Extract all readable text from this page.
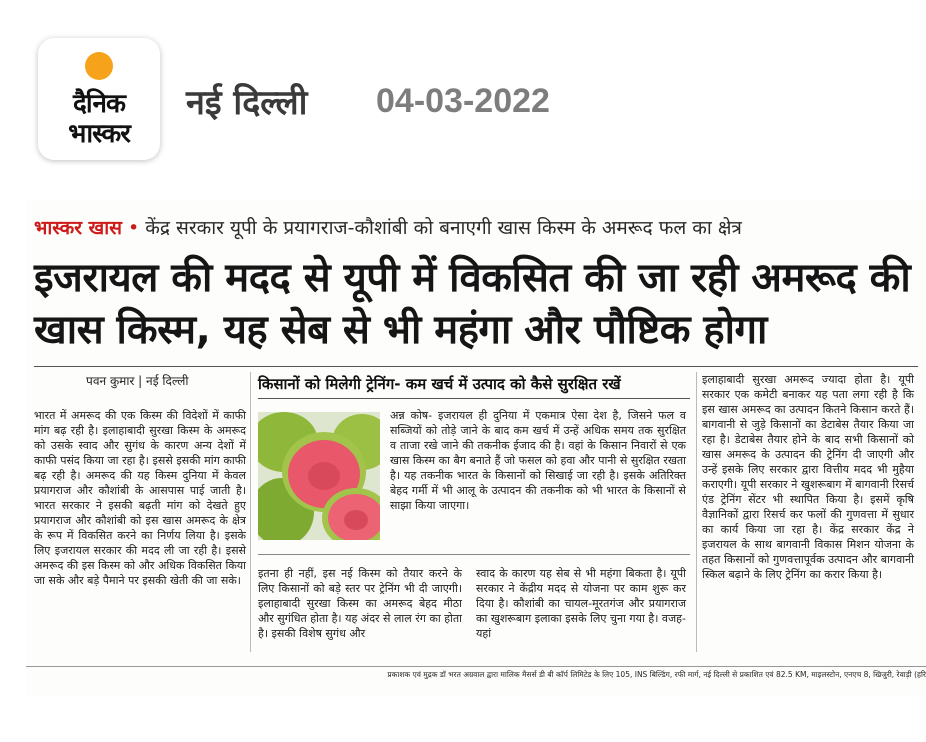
दैनिक
भास्कर
नई दिल्ली 04-03-2022
भास्कर खास • केंद्र सरकार यूपी के प्रयागराज-कौशांबी को बनाएगी खास किस्म के अमरूद फल का क्षेत्र
इजरायल की मदद से यूपी में विकसित की जा रही अमरूद की खास किस्म, यह सेब से भी महंगा और पौष्टिक होगा
पवन कुमार | नई दिल्ली
भारत में अमरूद की एक किस्म की विदेशों में काफी मांग बढ़ रही है। इलाहाबादी सुरखा किस्म के अमरूद को उसके स्वाद और सुगंध के कारण अन्य देशों में काफी पसंद किया जा रहा है। इससे इसकी मांग काफी बढ़ रही है। अमरूद की यह किस्म दुनिया में केवल प्रयागराज और कौशांबी के आसपास पाई जाती है। भारत सरकार ने इसकी बढ़ती मांग को देखते हुए प्रयागराज और कौशांबी को इस खास अमरूद के क्षेत्र के रूप में विकसित करने का निर्णय लिया है। इसके लिए इजरायल सरकार की मदद ली जा रही है। इससे अमरूद की इस किस्म को और अधिक विकसित किया जा सके और बड़े पैमाने पर इसकी खेती की जा सके।
किसानों को मिलेगी ट्रेनिंग- कम खर्च में उत्पाद को कैसे सुरक्षित रखें
अन्न कोष- इजरायल ही दुनिया में एकमात्र ऐसा देश है, जिसने फल व सब्जियों को तोड़े जाने के बाद कम खर्च में उन्हें अधिक समय तक सुरक्षित व ताजा रखे जाने की तकनीक ईजाद की है। वहां के किसान निवारों से एक खास किस्म का बैग बनाते हैं जो फसल को हवा और पानी से सुरक्षित रखता है। यह तकनीक भारत के किसानों को सिखाई जा रही है। इसके अतिरिक्त बेहद गर्मी में भी आलू के उत्पादन की तकनीक को भी भारत के किसानों से साझा किया जाएगा।
इतना ही नहीं, इस नई किस्म को तैयार करने के लिए किसानों को बड़े स्तर पर ट्रेनिंग भी दी जाएगी। इलाहाबादी सुरखा किस्म का अमरूद बेहद मीठा और सुगंधित होता है। यह अंदर से लाल रंग का होता है। इसकी विशेष सुगंध और
स्वाद के कारण यह सेब से भी महंगा बिकता है। यूपी सरकार ने केंद्रीय मदद से योजना पर काम शुरू कर दिया है। कौशांबी का चायल-मूरतगंज और प्रयागराज का खुशरूबाग इलाका इसके लिए चुना गया है। वजह- यहां
इलाहाबादी सुरखा अमरूद ज्यादा होता है। यूपी सरकार एक कमेटी बनाकर यह पता लगा रही है कि इस खास अमरूद का उत्पादन कितने किसान करते हैं। बागवानी से जुड़े किसानों का डेटाबेस तैयार किया जा रहा है। डेटाबेस तैयार होने के बाद सभी किसानों को खास अमरूद के उत्पादन की ट्रेनिंग दी जाएगी और उन्हें इसके लिए सरकार द्वारा वित्तीय मदद भी मुहैया कराएगी। यूपी सरकार ने खुशरूबाग में बागवानी रिसर्च एंड ट्रेनिंग सेंटर भी स्थापित किया है। इसमें कृषि वैज्ञानिकों द्वारा रिसर्च कर फलों की गुणवत्ता में सुधार का कार्य किया जा रहा है। केंद्र सरकार केंद्र ने इजरायल के साथ बागवानी विकास मिशन योजना के तहत किसानों को गुणवत्तापूर्वक उत्पादन और बागवानी स्किल बढ़ाने के लिए ट्रेनिंग का करार किया है।
प्रकाशक एवं मुद्रक डॉ भरत अग्रवाल द्वारा मालिक मैसर्स डी बी कॉर्प लिमिटेड के लिए 105, INS बिल्डिंग, रफी मार्ग, नई दिल्ली से प्रकाशित एवं 82.5 KM, माइलस्टोन, एनएच 8, खिजुरी, रेवाड़ी (हरि
